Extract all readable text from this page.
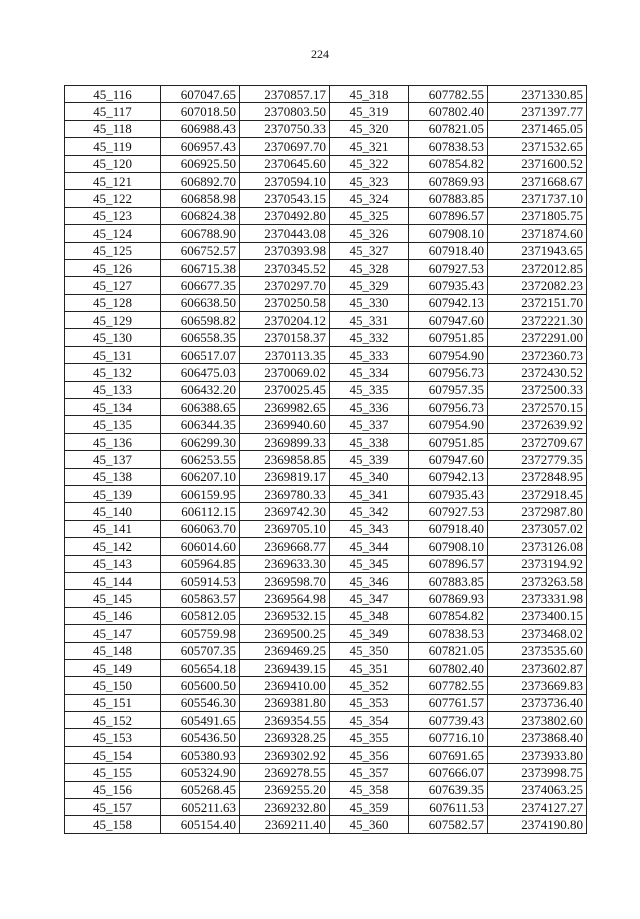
224
45_116	607047.65	2370857.17	45_318	607782.55	2371330.85
45_117	607018.50	2370803.50	45_319	607802.40	2371397.77
45_118	606988.43	2370750.33	45_320	607821.05	2371465.05
45_119	606957.43	2370697.70	45_321	607838.53	2371532.65
45_120	606925.50	2370645.60	45_322	607854.82	2371600.52
45_121	606892.70	2370594.10	45_323	607869.93	2371668.67
45_122	606858.98	2370543.15	45_324	607883.85	2371737.10
45_123	606824.38	2370492.80	45_325	607896.57	2371805.75
45_124	606788.90	2370443.08	45_326	607908.10	2371874.60
45_125	606752.57	2370393.98	45_327	607918.40	2371943.65
45_126	606715.38	2370345.52	45_328	607927.53	2372012.85
45_127	606677.35	2370297.70	45_329	607935.43	2372082.23
45_128	606638.50	2370250.58	45_330	607942.13	2372151.70
45_129	606598.82	2370204.12	45_331	607947.60	2372221.30
45_130	606558.35	2370158.37	45_332	607951.85	2372291.00
45_131	606517.07	2370113.35	45_333	607954.90	2372360.73
45_132	606475.03	2370069.02	45_334	607956.73	2372430.52
45_133	606432.20	2370025.45	45_335	607957.35	2372500.33
45_134	606388.65	2369982.65	45_336	607956.73	2372570.15
45_135	606344.35	2369940.60	45_337	607954.90	2372639.92
45_136	606299.30	2369899.33	45_338	607951.85	2372709.67
45_137	606253.55	2369858.85	45_339	607947.60	2372779.35
45_138	606207.10	2369819.17	45_340	607942.13	2372848.95
45_139	606159.95	2369780.33	45_341	607935.43	2372918.45
45_140	606112.15	2369742.30	45_342	607927.53	2372987.80
45_141	606063.70	2369705.10	45_343	607918.40	2373057.02
45_142	606014.60	2369668.77	45_344	607908.10	2373126.08
45_143	605964.85	2369633.30	45_345	607896.57	2373194.92
45_144	605914.53	2369598.70	45_346	607883.85	2373263.58
45_145	605863.57	2369564.98	45_347	607869.93	2373331.98
45_146	605812.05	2369532.15	45_348	607854.82	2373400.15
45_147	605759.98	2369500.25	45_349	607838.53	2373468.02
45_148	605707.35	2369469.25	45_350	607821.05	2373535.60
45_149	605654.18	2369439.15	45_351	607802.40	2373602.87
45_150	605600.50	2369410.00	45_352	607782.55	2373669.83
45_151	605546.30	2369381.80	45_353	607761.57	2373736.40
45_152	605491.65	2369354.55	45_354	607739.43	2373802.60
45_153	605436.50	2369328.25	45_355	607716.10	2373868.40
45_154	605380.93	2369302.92	45_356	607691.65	2373933.80
45_155	605324.90	2369278.55	45_357	607666.07	2373998.75
45_156	605268.45	2369255.20	45_358	607639.35	2374063.25
45_157	605211.63	2369232.80	45_359	607611.53	2374127.27
45_158	605154.40	2369211.40	45_360	607582.57	2374190.80
